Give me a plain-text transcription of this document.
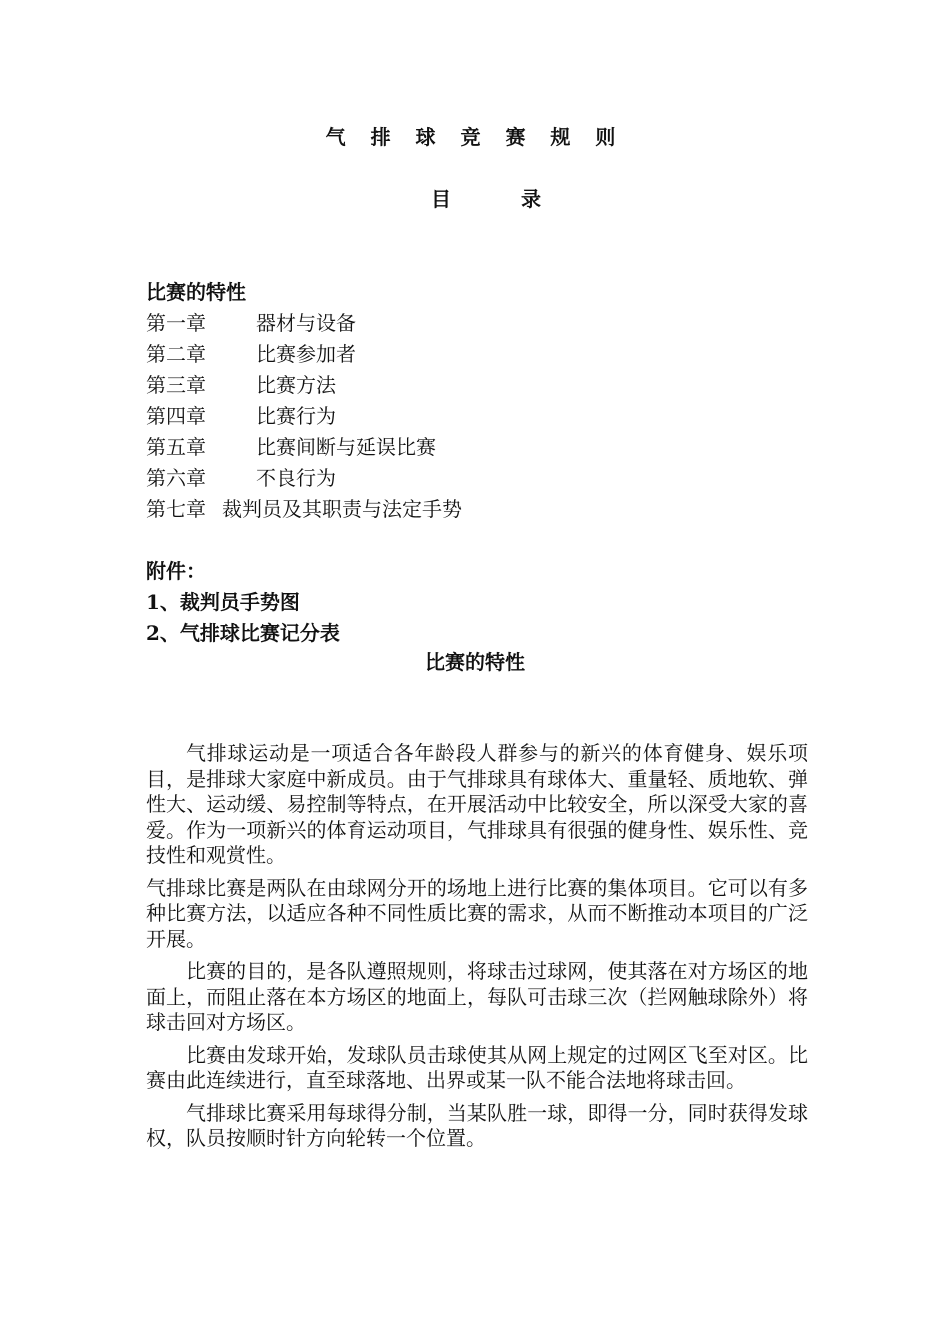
气 排 球 竞 赛 规 则
目	录
比赛的特性
第一章	器材与设备
第二章	比赛参加者
第三章	比赛方法
第四章	比赛行为
第五章	比赛间断与延误比赛
第六章	不良行为
第七章 裁判员及其职责与法定手势
附件：
1、裁判员手势图
2、气排球比赛记分表
比赛的特性

气排球运动是一项适合各年龄段人群参与的新兴的体育健身、娱乐项目，是排球大家庭中新成员。由于气排球具有球体大、重量轻、质地软、弹性大、运动缓、易控制等特点，在开展活动中比较安全，所以深受大家的喜爱。作为一项新兴的体育运动项目，气排球具有很强的健身性、娱乐性、竞技性和观赏性。

气排球比赛是两队在由球网分开的场地上进行比赛的集体项目。它可以有多种比赛方法，以适应各种不同性质比赛的需求，从而不断推动本项目的广泛开展。

比赛的目的，是各队遵照规则，将球击过球网，使其落在对方场区的地面上，而阻止落在本方场区的地面上，每队可击球三次（拦网触球除外）将球击回对方场区。

比赛由发球开始，发球队员击球使其从网上规定的过网区飞至对区。比赛由此连续进行，直至球落地、出界或某一队不能合法地将球击回。

气排球比赛采用每球得分制，当某队胜一球，即得一分，同时获得发球权，队员按顺时针方向轮转一个位置。
